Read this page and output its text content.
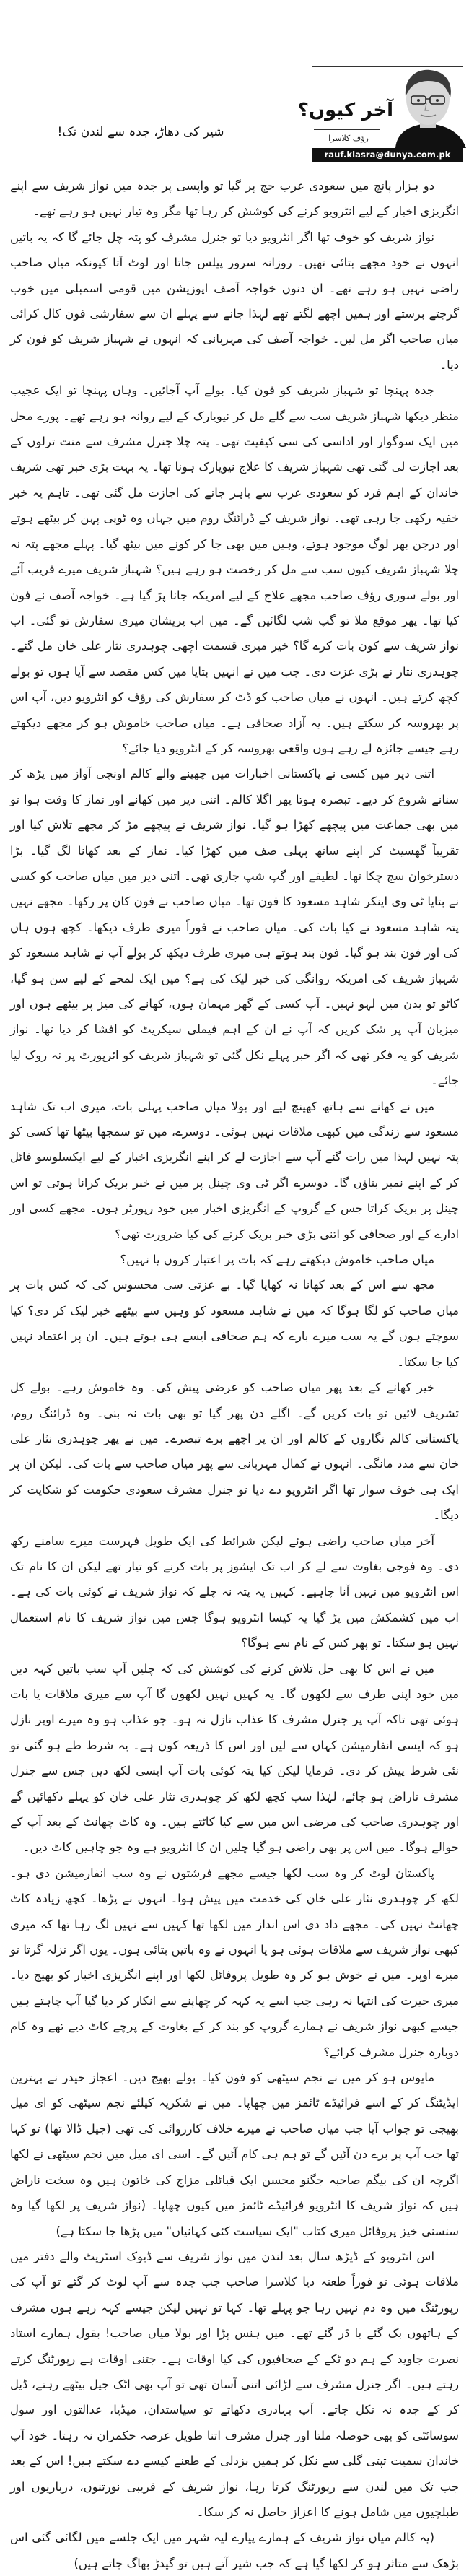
آخر کیوں؟
رؤف کلاسرا
rauf.klasra@dunya.com.pk
شیر کی دھاڑ، جدہ سے لندن تک!

دو ہزار پانچ میں سعودی عرب حج پر گیا تو واپسی پر جدہ میں نواز شریف سے اپنے انگریزی اخبار کے لیے انٹرویو کرنے کی کوشش کر رہا تھا مگر وہ تیار نہیں ہو رہے تھے۔

نواز شریف کو خوف تھا اگر انٹرویو دیا تو جنرل مشرف کو پتہ چل جائے گا کہ یہ باتیں انہوں نے خود مجھے بتائی تھیں۔ روزانہ سرور پیلس جاتا اور لوٹ آتا کیونکہ میاں صاحب راضی نہیں ہو رہے تھے۔ ان دنوں خواجہ آصف اپوزیشن میں قومی اسمبلی میں خوب گرجتے برستے اور ہمیں اچھے لگتے تھے لہذا جانے سے پہلے ان سے سفارشی فون کال کرائی میاں صاحب اگر مل لیں۔ خواجہ آصف کی مہربانی کہ انہوں نے شہباز شریف کو فون کر دیا۔

جدہ پہنچا تو شہباز شریف کو فون کیا۔ بولے آپ آجائیں۔ وہاں پہنچا تو ایک عجیب منظر دیکھا شہباز شریف سب سے گلے مل کر نیویارک کے لیے روانہ ہو رہے تھے۔ پورے محل میں ایک سوگوار اور اداسی کی سی کیفیت تھی۔ پتہ چلا جنرل مشرف سے منت ترلوں کے بعد اجازت لی گئی تھی شہباز شریف کا علاج نیویارک ہونا تھا۔ یہ بہت بڑی خبر تھی شریف خاندان کے اہم فرد کو سعودی عرب سے باہر جانے کی اجازت مل گئی تھی۔ تاہم یہ خبر خفیہ رکھی جا رہی تھی۔ نواز شریف کے ڈرائنگ روم میں جہاں وہ ٹوپی پہن کر بیٹھے ہوتے اور درجن بھر لوگ موجود ہوتے، وہیں میں بھی جا کر کونے میں بیٹھ گیا۔ پہلے مجھے پتہ نہ چلا شہباز شریف کیوں سب سے مل کر رخصت ہو رہے ہیں؟ شہباز شریف میرے قریب آئے اور بولے سوری رؤف صاحب مجھے علاج کے لیے امریکہ جانا پڑ گیا ہے۔ خواجہ آصف نے فون کیا تھا۔ پھر موقع ملا تو گپ شپ لگائیں گے۔ میں اب پریشان میری سفارش تو گئی۔ اب نواز شریف سے کون بات کرے گا؟ خیر میری قسمت اچھی چوہدری نثار علی خان مل گئے۔ چوہدری نثار نے بڑی عزت دی۔ جب میں نے انہیں بتایا میں کس مقصد سے آیا ہوں تو بولے کچھ کرتے ہیں۔ انہوں نے میاں صاحب کو ڈٹ کر سفارش کی رؤف کو انٹرویو دیں، آپ اس پر بھروسہ کر سکتے ہیں۔ یہ آزاد صحافی ہے۔ میاں صاحب خاموش ہو کر مجھے دیکھتے رہے جیسے جائزہ لے رہے ہوں واقعی بھروسہ کر کے انٹرویو دیا جائے؟

اتنی دیر میں کسی نے پاکستانی اخبارات میں چھپنے والے کالم اونچی آواز میں پڑھ کر سنانے شروع کر دیے۔ تبصرہ ہوتا پھر اگلا کالم۔ اتنی دیر میں کھانے اور نماز کا وقت ہوا تو میں بھی جماعت میں پیچھے کھڑا ہو گیا۔ نواز شریف نے پیچھے مڑ کر مجھے تلاش کیا اور تقریباً گھسیٹ کر اپنے ساتھ پہلی صف میں کھڑا کیا۔ نماز کے بعد کھانا لگ گیا۔ بڑا دسترخوان سج چکا تھا۔ لطیفے اور گپ شپ جاری تھی۔ اتنی دیر میں میاں صاحب کو کسی نے بتایا ٹی وی اینکر شاہد مسعود کا فون تھا۔ میاں صاحب نے فون کان پر رکھا۔ مجھے نہیں پتہ شاہد مسعود نے کیا بات کی۔ میاں صاحب نے فوراً میری طرف دیکھا۔ کچھ ہوں ہاں کی اور فون بند ہو گیا۔ فون بند ہوتے ہی میری طرف دیکھ کر بولے آپ نے شاہد مسعود کو شہباز شریف کی امریکہ روانگی کی خبر لیک کی ہے؟ میں ایک لمحے کے لیے سن ہو گیا، کاٹو تو بدن میں لہو نہیں۔ آپ کسی کے گھر مہمان ہوں، کھانے کی میز پر بیٹھے ہوں اور میزبان آپ پر شک کریں کہ آپ نے ان کے اہم فیملی سیکریٹ کو افشا کر دیا تھا۔ نواز شریف کو یہ فکر تھی کہ اگر خبر پہلے نکل گئی تو شہباز شریف کو ائرپورٹ پر نہ روک لیا جائے۔

میں نے کھانے سے ہاتھ کھینچ لیے اور بولا میاں صاحب پہلی بات، میری اب تک شاہد مسعود سے زندگی میں کبھی ملاقات نہیں ہوئی۔ دوسرے، میں تو سمجھا بیٹھا تھا کسی کو پتہ نہیں لہذا میں رات گئے آپ سے اجازت لے کر اپنے انگریزی اخبار کے لیے ایکسلوسو فائل کر کے اپنے نمبر بناؤں گا۔ دوسرے اگر ٹی وی چینل پر میں نے خبر بریک کرانا ہوتی تو اس چینل پر بریک کراتا جس کے گروپ کے انگریزی اخبار میں خود رپورٹر ہوں۔ مجھے کسی اور ادارے کے اور صحافی کو اتنی بڑی خبر بریک کرنے کی کیا ضرورت تھی؟

میاں صاحب خاموش دیکھتے رہے کہ بات پر اعتبار کروں یا نہیں؟

مجھ سے اس کے بعد کھانا نہ کھایا گیا۔ بے عزتی سی محسوس کی کہ کس بات پر میاں صاحب کو لگا ہوگا کہ میں نے شاہد مسعود کو وہیں سے بیٹھے خبر لیک کر دی؟ کیا سوچتے ہوں گے یہ سب میرے بارے کہ ہم صحافی ایسے ہی ہوتے ہیں۔ ان پر اعتماد نہیں کیا جا سکتا۔

خیر کھانے کے بعد پھر میاں صاحب کو عرضی پیش کی۔ وہ خاموش رہے۔ بولے کل تشریف لائیں تو بات کریں گے۔ اگلے دن پھر گیا تو بھی بات نہ بنی۔ وہ ڈرائنگ روم، پاکستانی کالم نگاروں کے کالم اور ان پر اچھے برے تبصرے۔ میں نے پھر چوہدری نثار علی خان سے مدد مانگی۔ انہوں نے کمال مہربانی سے پھر میاں صاحب سے بات کی۔ لیکن ان پر ایک ہی خوف سوار تھا اگر انٹرویو دے دیا تو جنرل مشرف سعودی حکومت کو شکایت کر دیگا۔

آخر میاں صاحب راضی ہوئے لیکن شرائط کی ایک طویل فہرست میرے سامنے رکھ دی۔ وہ فوجی بغاوت سے لے کر اب تک ایشوز پر بات کرنے کو تیار تھے لیکن ان کا نام تک اس انٹرویو میں نہیں آنا چاہیے۔ کہیں یہ پتہ نہ چلے کہ نواز شریف نے کوئی بات کی ہے۔ اب میں کشمکش میں پڑ گیا یہ کیسا انٹرویو ہوگا جس میں نواز شریف کا نام استعمال نہیں ہو سکتا۔ تو پھر کس کے نام سے ہوگا؟

میں نے اس کا بھی حل تلاش کرنے کی کوشش کی کہ چلیں آپ سب باتیں کہہ دیں میں خود اپنی طرف سے لکھوں گا۔ یہ کہیں نہیں لکھوں گا آپ سے میری ملاقات یا بات ہوئی تھی تاکہ آپ پر جنرل مشرف کا عذاب نازل نہ ہو۔ جو عذاب ہو وہ میرے اوپر نازل ہو کہ ایسی انفارمیشن کہاں سے لیں اور اس کا ذریعہ کون ہے۔ یہ شرط طے ہو گئی تو نئی شرط پیش کر دی۔ فرمایا لیکن کیا پتہ کوئی بات آپ ایسی لکھ دیں جس سے جنرل مشرف ناراض ہو جائے، لہٰذا سب کچھ لکھ کر چوہدری نثار علی خان کو پہلے دکھائیں گے اور چوہدری صاحب کی مرضی اس میں سے کیا کاٹتے ہیں۔ وہ کاٹ چھانٹ کے بعد آپ کے حوالے ہوگا۔ میں اس پر بھی راضی ہو گیا چلیں ان کا انٹرویو ہے وہ جو چاہیں کاٹ دیں۔

پاکستان لوٹ کر وہ سب لکھا جیسے مجھے فرشتوں نے وہ سب انفارمیشن دی ہو۔ لکھ کر چوہدری نثار علی خان کی خدمت میں پیش ہوا۔ انہوں نے پڑھا۔ کچھ زیادہ کاٹ چھانٹ نہیں کی۔ مجھے داد دی اس انداز میں لکھا تھا کہیں سے نہیں لگ رہا تھا کہ میری کبھی نواز شریف سے ملاقات ہوئی ہو یا انہوں نے وہ باتیں بتائی ہوں۔ یوں اگر نزلہ گرتا تو میرے اوپر۔ میں نے خوش ہو کر وہ طویل پروفائل لکھا اور اپنے انگریزی اخبار کو بھیج دیا۔ میری حیرت کی انتہا نہ رہی جب اسے یہ کہہ کر چھاپنے سے انکار کر دیا گیا آپ چاہتے ہیں جیسے کبھی نواز شریف نے ہمارے گروپ کو بند کر کے بغاوت کے پرچے کاٹ دیے تھے وہ کام دوبارہ جنرل مشرف کرائے؟

مایوس ہو کر میں نے نجم سیٹھی کو فون کیا۔ بولے بھیج دیں۔ اعجاز حیدر نے بہترین ایڈیٹنگ کر کے اسے فرائیڈے ٹائمز میں چھاپا۔ میں نے شکریہ کیلئے نجم سیٹھی کو ای میل بھیجی تو جواب آیا جب میاں صاحب نے میرے خلاف کارروائی کی تھی (جیل ڈالا تھا) تو کہا تھا جب آپ پر برے دن آئیں گے تو ہم ہی کام آئیں گے۔ اسی ای میل میں نجم سیٹھی نے لکھا اگرچہ ان کی بیگم صاحبہ جگنو محسن ایک قبائلی مزاج کی خاتون ہیں وہ سخت ناراض ہیں کہ نواز شریف کا انٹرویو فرائیڈے ٹائمز میں کیوں چھاپا۔ (نواز شریف پر لکھا گیا وہ سنسنی خیز پروفائل میری کتاب "ایک سیاست کئی کہانیاں" میں پڑھا جا سکتا ہے)

اس انٹرویو کے ڈیڑھ سال بعد لندن میں نواز شریف سے ڈیوک اسٹریٹ والے دفتر میں ملاقات ہوئی تو فوراً طعنہ دیا کلاسرا صاحب جب جدہ سے آپ لوٹ کر گئے تو آپ کی رپورٹنگ میں وہ دم نہیں رہا جو پہلے تھا۔ کہا تو نہیں لیکن جیسے کہہ رہے ہوں مشرف کے ہاتھوں بک گئے یا ڈر گئے تھے۔ میں ہنس پڑا اور بولا میاں صاحب! بقول ہمارے استاد نصرت جاوید کے ہم دو ٹکے کے صحافیوں کی کیا اوقات ہے۔ جتنی اوقات ہے رپورٹنگ کرتے رہتے ہیں۔ اگر جنرل مشرف سے لڑائی اتنی آسان تھی تو آپ بھی اٹک جیل بیٹھے رہتے، ڈیل کر کے جدہ نہ نکل جاتے۔ آپ بہادری دکھاتے تو سیاستدان، میڈیا، عدالتوں اور سول سوسائٹی کو بھی حوصلہ ملتا اور جنرل مشرف اتنا طویل عرصہ حکمران نہ رہتا۔ خود آپ خاندان سمیت تپتی گلی سے نکل کر ہمیں بزدلی کے طعنے کیسے دے سکتے ہیں! اس کے بعد جب تک میں لندن سے رپورٹنگ کرتا رہا، نواز شریف کے قریبی نورتنوں، درباریوں اور طبلچیوں میں شامل ہونے کا اعزاز حاصل نہ کر سکا۔

(یہ کالم میاں نواز شریف کے ہمارے پیارے لیہ شہر میں ایک جلسے میں لگائی گئی اس بڑھک سے متاثر ہو کر لکھا گیا ہے کہ جب شیر آتے ہیں تو گیدڑ بھاگ جاتے ہیں)
